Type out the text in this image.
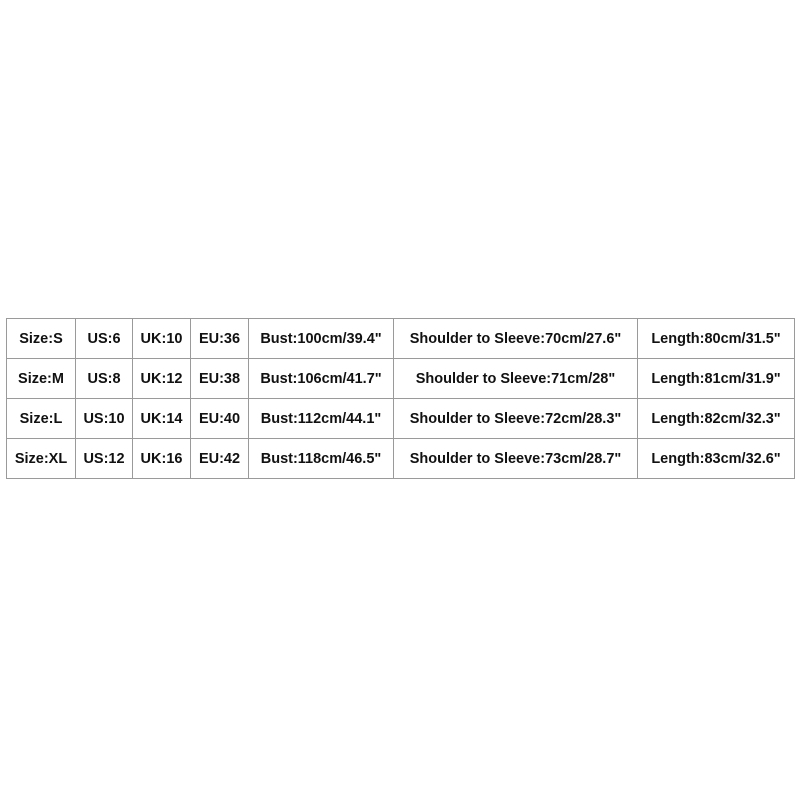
Size:S	US:6	UK:10	EU:36	Bust:100cm/39.4"	Shoulder to Sleeve:70cm/27.6"	Length:80cm/31.5"
Size:M	US:8	UK:12	EU:38	Bust:106cm/41.7"	Shoulder to Sleeve:71cm/28"	Length:81cm/31.9"
Size:L	US:10	UK:14	EU:40	Bust:112cm/44.1"	Shoulder to Sleeve:72cm/28.3"	Length:82cm/32.3"
Size:XL	US:12	UK:16	EU:42	Bust:118cm/46.5"	Shoulder to Sleeve:73cm/28.7"	Length:83cm/32.6"
